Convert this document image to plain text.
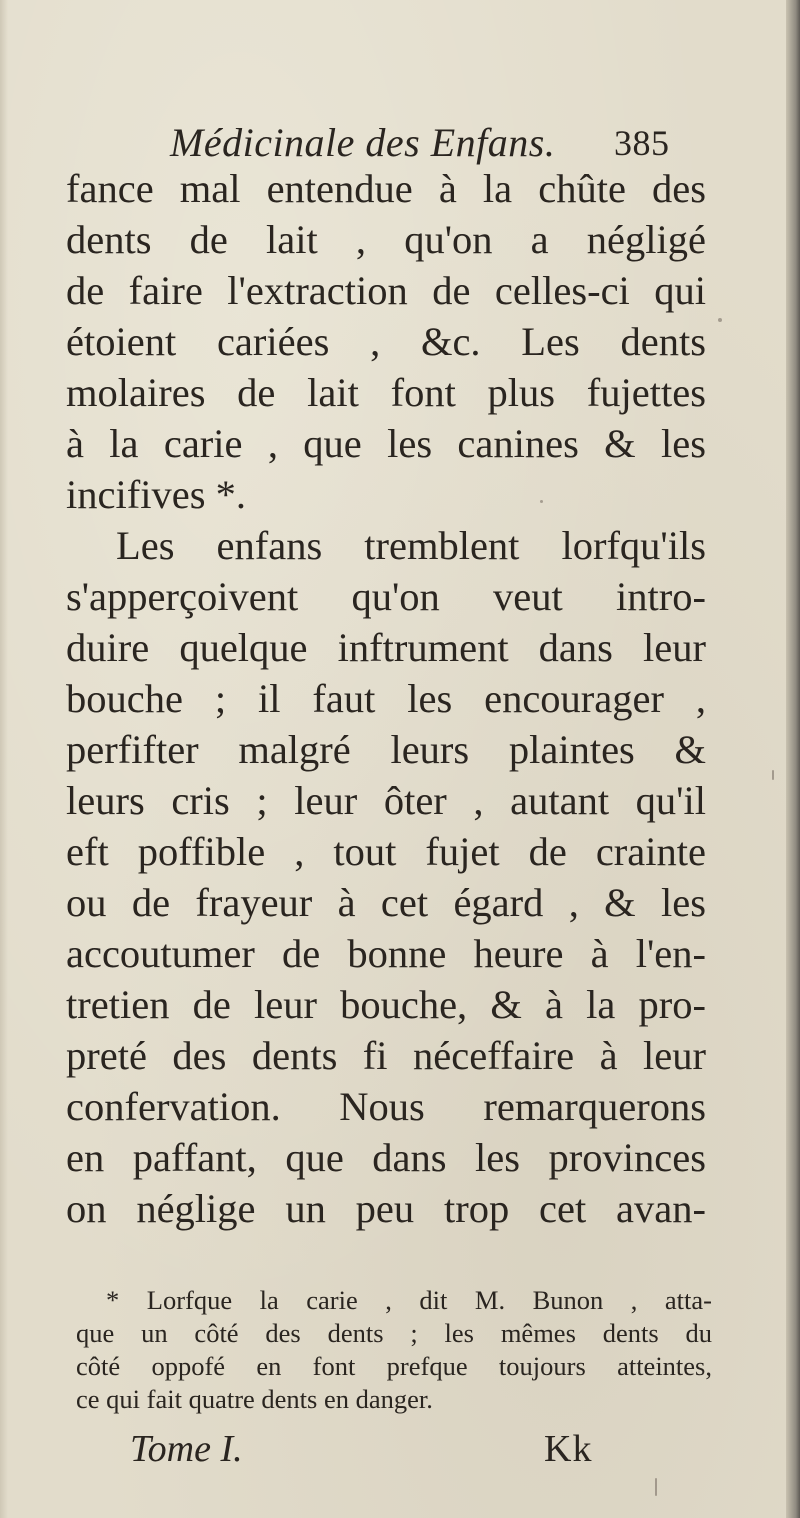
Médicinale des Enfans. 385
fance mal entendue à la chûte des
dents de lait , qu'on a négligé
de faire l'extraction de celles-ci qui
étoient cariées , &c. Les dents
molaires de lait font plus fujettes
à la carie , que les canines & les
incifives *.
Les enfans tremblent lorfqu'ils
s'apperçoivent qu'on veut intro-
duire quelque inftrument dans leur
bouche ; il faut les encourager ,
perfifter malgré leurs plaintes &
leurs cris ; leur ôter , autant qu'il
eft poffible , tout fujet de crainte
ou de frayeur à cet égard , & les
accoutumer de bonne heure à l'en-
tretien de leur bouche, & à la pro-
preté des dents fi néceffaire à leur
confervation. Nous remarquerons
en paffant, que dans les provinces
on néglige un peu trop cet avan-
* Lorfque la carie , dit M. Bunon , atta-
que un côté des dents ; les mêmes dents du
côté oppofé en font prefque toujours atteintes,
ce qui fait quatre dents en danger.
Tome I.	Kk
